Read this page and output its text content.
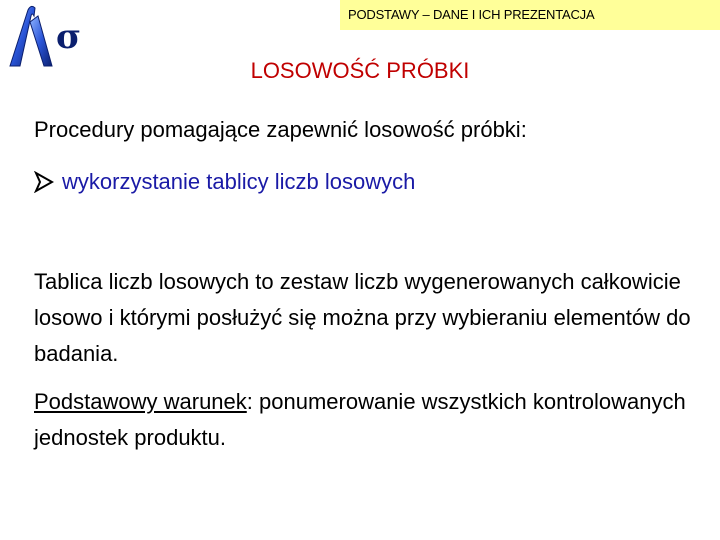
σ
PODSTAWY – DANE I ICH PREZENTACJA
LOSOWOŚĆ PRÓBKI
Procedury pomagające zapewnić losowość próbki:
wykorzystanie tablicy liczb losowych
Tablica liczb losowych to zestaw liczb wygenerowanych całkowicie losowo i którymi posłużyć się można przy wybieraniu elementów do badania.
Podstawowy warunek: ponumerowanie wszystkich kontrolowanych jednostek produktu.
